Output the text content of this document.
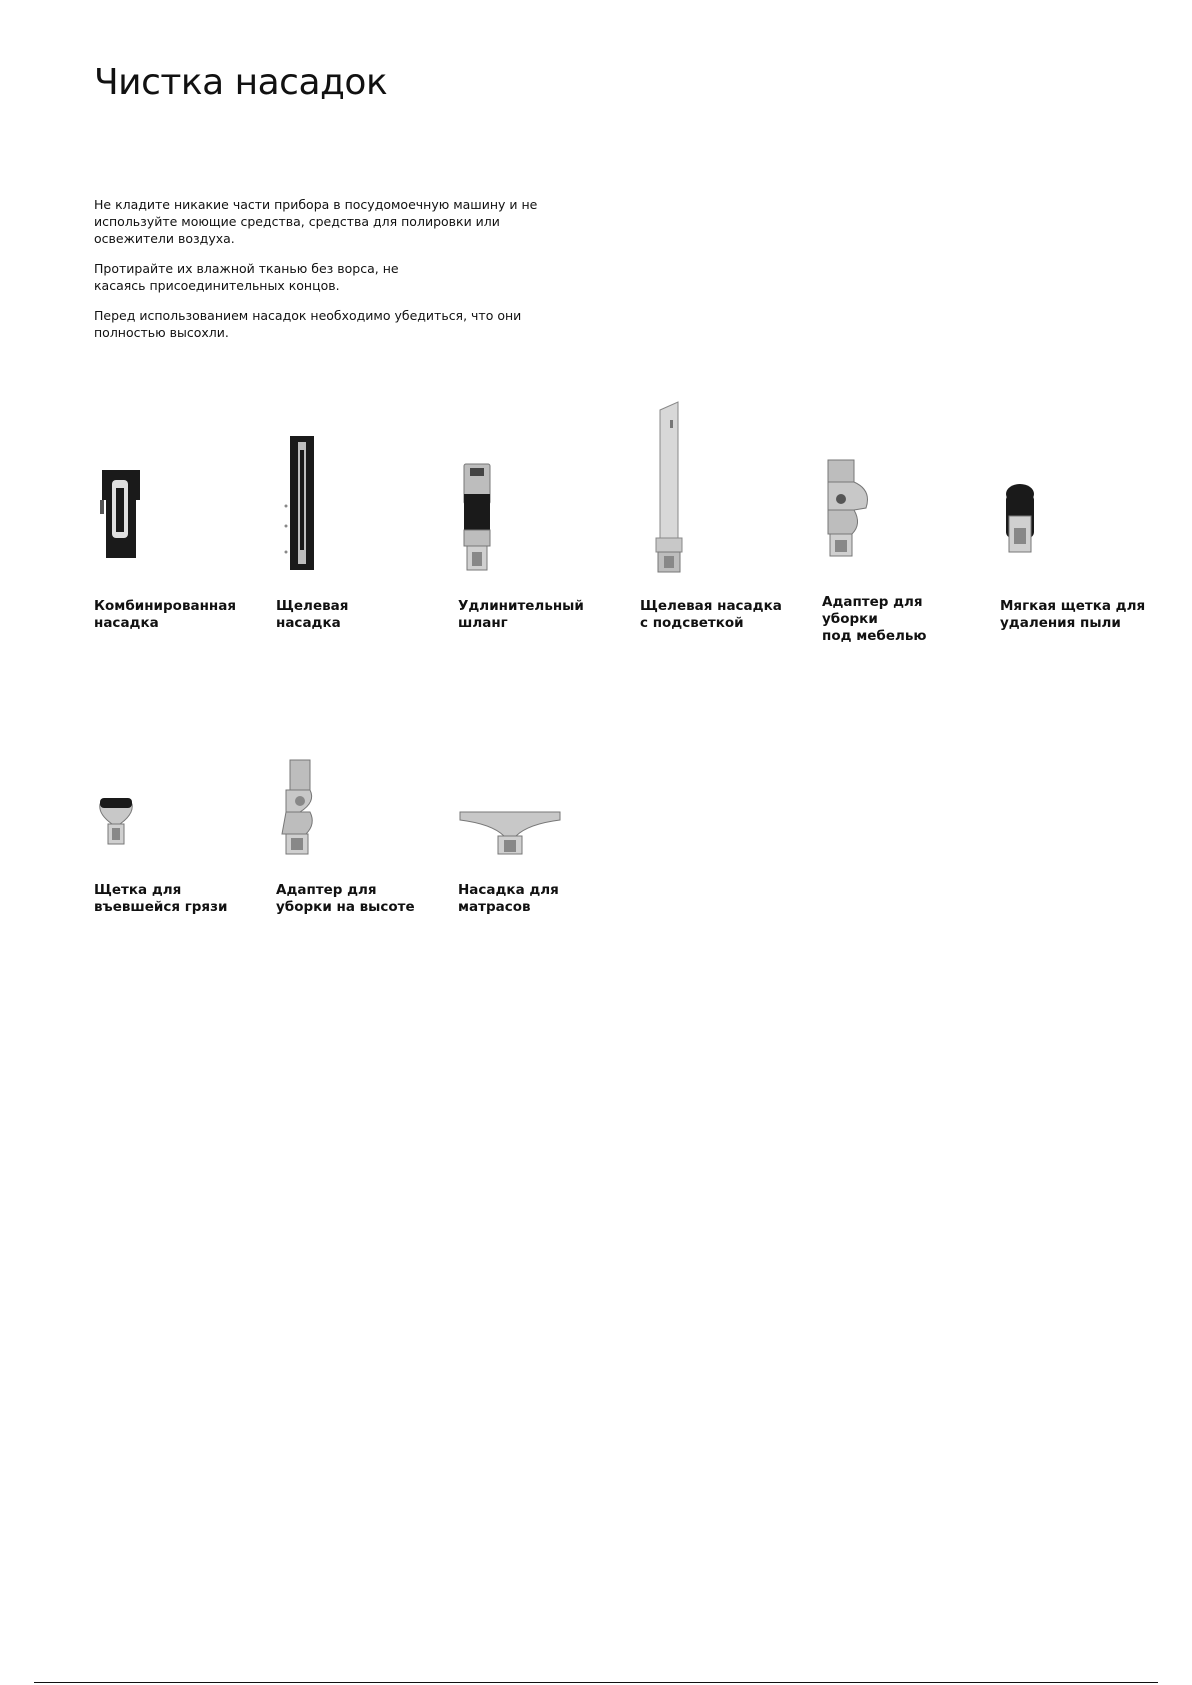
Чистка насадок

Не кладите никакие части прибора в посудомоечную машину и не используйте моющие средства, средства для полировки или освежители воздуха.

Протирайте их влажной тканью без ворса, не касаясь присоединительных концов.

Перед использованием насадок необходимо убедиться, что они полностью высохли.

Комбинированная
насадка
Щелевая
насадка
Удлинительный
шланг
Щелевая насадка
с подсветкой
Адаптер для уборки
под мебелью
Мягкая щетка для
удаления пыли
Щетка для
въевшейся грязи
Адаптер для
уборки на высоте
Насадка для
матрасов
